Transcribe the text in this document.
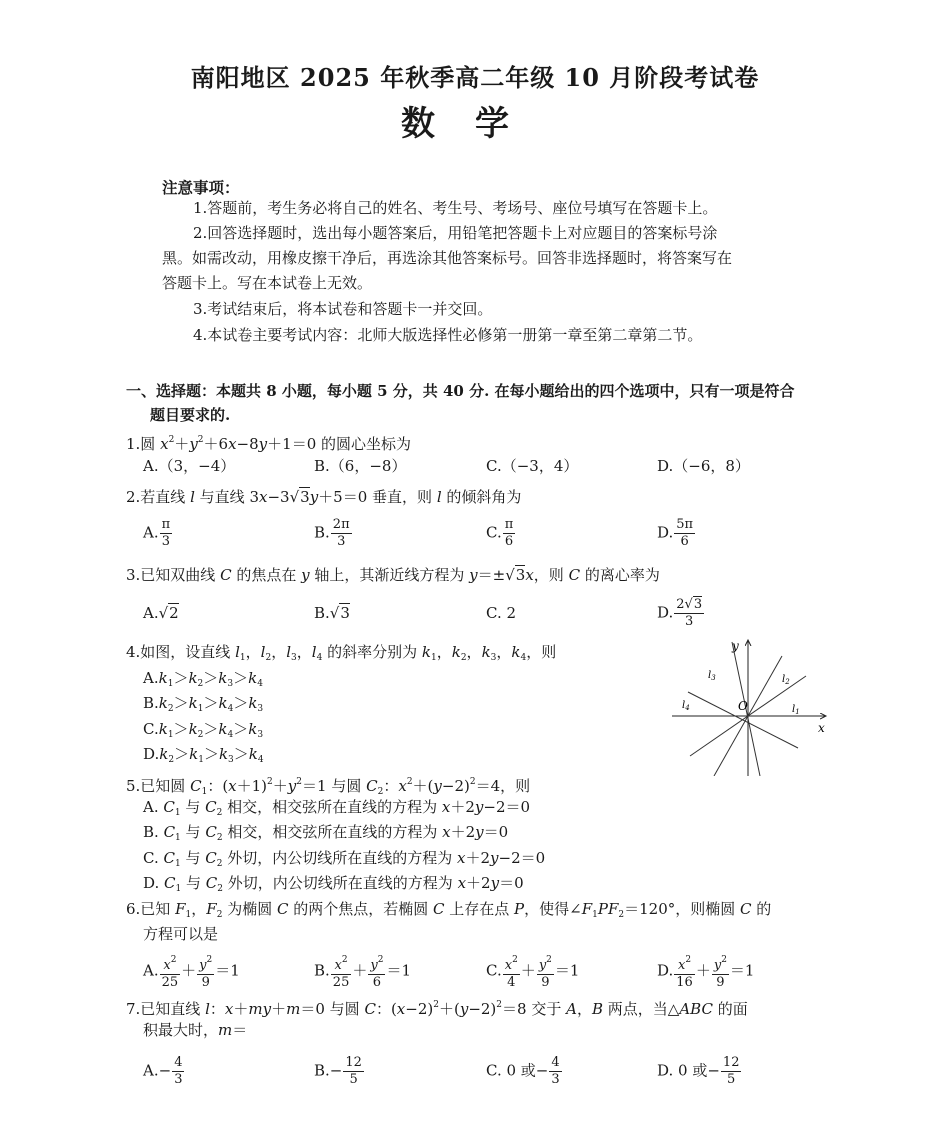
南阳地区 2025 年秋季高二年级 10 月阶段考试卷
数学
注意事项：
1.答题前，考生务必将自己的姓名、考生号、考场号、座位号填写在答题卡上。
2.回答选择题时，选出每小题答案后，用铅笔把答题卡上对应题目的答案标号涂
黑。如需改动，用橡皮擦干净后，再选涂其他答案标号。回答非选择题时，将答案写在
答题卡上。写在本试卷上无效。
3.考试结束后，将本试卷和答题卡一并交回。
4.本试卷主要考试内容：北师大版选择性必修第一册第一章至第二章第二节。
一、选择题：本题共 8 小题，每小题 5 分，共 40 分. 在每小题给出的四个选项中，只有一项是符合
题目要求的.
1.圆 $x^2+y^2+6x-8y+1=0$ 的圆心坐标为
A.（3，−4）	B.（6，−8）	C.（−3，4）	D.（−6，8）
2.若直线 l 与直线 3x−3√3y＋5＝0 垂直，则 l 的倾斜角为
A. $\frac{\pi}{3}$	B. $\frac{2\pi}{3}$	C. $\frac{\pi}{6}$	D. $\frac{5\pi}{6}$
3.已知双曲线 C 的焦点在 y 轴上，其渐近线方程为 y＝±√3x，则 C 的离心率为
A.√2	B.√3	C. 2	D. $\frac{2√3}{3}$
4.如图，设直线 $l_1$，$l_2$，$l_3$，$l_4$ 的斜率分别为 $k_1$，$k_2$，$k_3$，$k_4$，则
$A.k_1>k_2>k_3>k_4$
$B.k_2>k_1>k_4>k_3$
$C.k_1>k_2>k_4>k_3$
$D.k_2>k_1>k_3>k_4$
x
y
O	$l_1$
$l_2$
$l_3$
$l_4$
5.已知圆 $C_1$：$(x+1)^2+y^2=1$ 与圆 $C_2$：$x^2+(y-2)^2=4$，则
A. $C_1$ 与 $C_2$ 相交，相交弦所在直线的方程为 x＋2y−2＝0
B. $C_1$ 与 $C_2$ 相交，相交弦所在直线的方程为 x＋2y＝0
C. $C_1$ 与 $C_2$ 外切，内公切线所在直线的方程为 x＋2y−2＝0
D. $C_1$ 与 $C_2$ 外切，内公切线所在直线的方程为 x＋2y＝0
6.已知 $F_1$，$F_2$ 为椭圆 C 的两个焦点，若椭圆 C 上存在点 P，使得$\angle F_1PF_2=120^\circ$，则椭圆 C 的
方程可以是
A. $\frac{x^2}{25} + \frac{y^2}{9} =1$	B. $\frac{x^2}{25} + \frac{y^2}{6} =1$	C. $\frac{x^2}{4} + \frac{y^2}{9} =1$	D. $\frac{x^2}{16} + \frac{y^2}{9} =1$
7.已知直线 l：x＋my＋m＝0 与圆 C：$(x-2)^2+(y-2)^2=8$ 交于 A，B 两点，当△ABC 的面
积最大时，m＝
$A.- \frac{4}{3}$	$B.- \frac{12}{5}$	C. 0 或− $\frac{4}{3}$	D. 0 或− $\frac{12}{5}$
